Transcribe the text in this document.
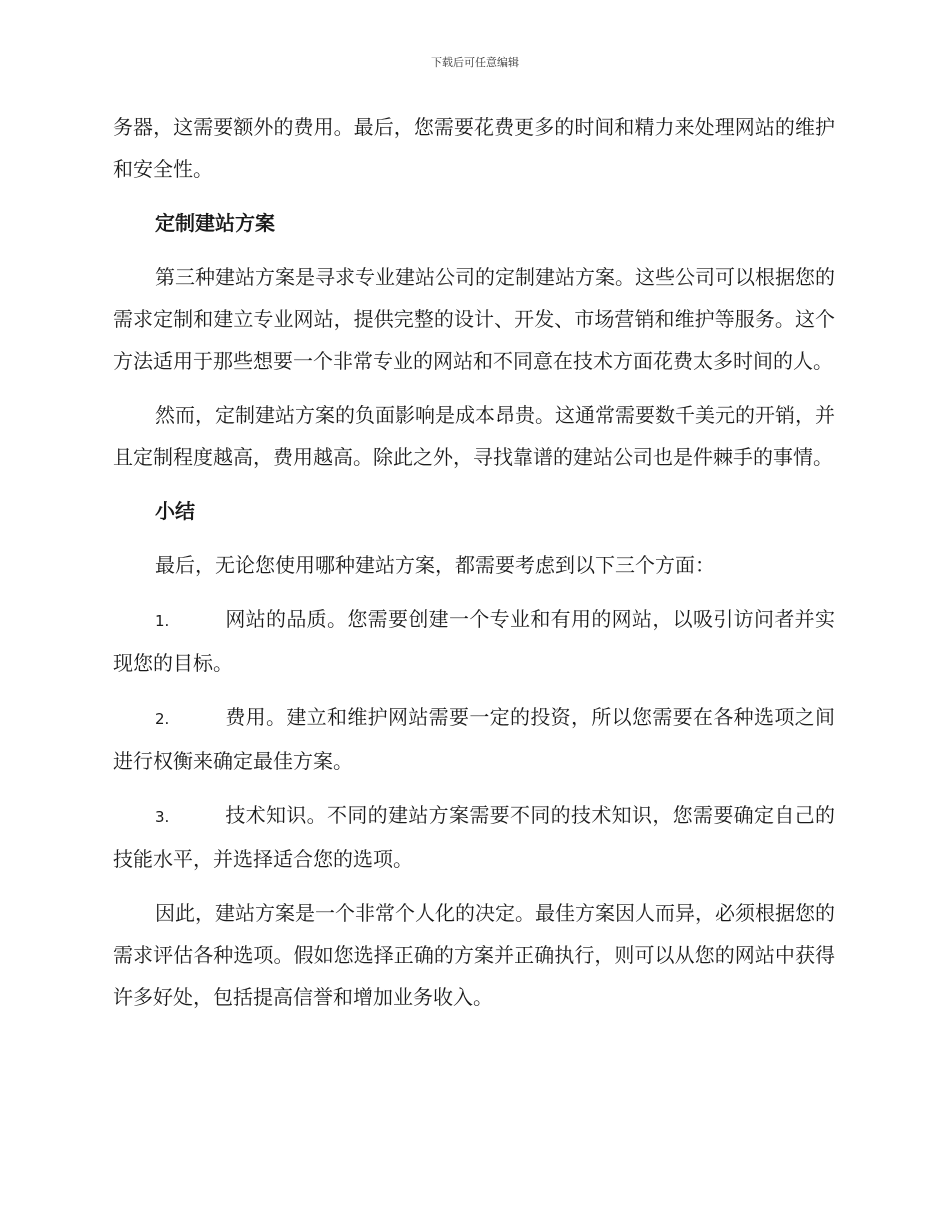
下载后可任意编辑

务器，这需要额外的费用。最后，您需要花费更多的时间和精力来处理网站的维护和安全性。

定制建站方案

第三种建站方案是寻求专业建站公司的定制建站方案。这些公司可以根据您的需求定制和建立专业网站，提供完整的设计、开发、市场营销和维护等服务。这个方法适用于那些想要一个非常专业的网站和不同意在技术方面花费太多时间的人。

然而，定制建站方案的负面影响是成本昂贵。这通常需要数千美元的开销，并且定制程度越高，费用越高。除此之外，寻找靠谱的建站公司也是件棘手的事情。

小结

最后，无论您使用哪种建站方案，都需要考虑到以下三个方面：

1.	网站的品质。您需要创建一个专业和有用的网站，以吸引访问者并实现您的目标。

2.	费用。建立和维护网站需要一定的投资，所以您需要在各种选项之间进行权衡来确定最佳方案。

3.	技术知识。不同的建站方案需要不同的技术知识，您需要确定自己的技能水平，并选择适合您的选项。

因此，建站方案是一个非常个人化的决定。最佳方案因人而异，必须根据您的需求评估各种选项。假如您选择正确的方案并正确执行，则可以从您的网站中获得许多好处，包括提高信誉和增加业务收入。
